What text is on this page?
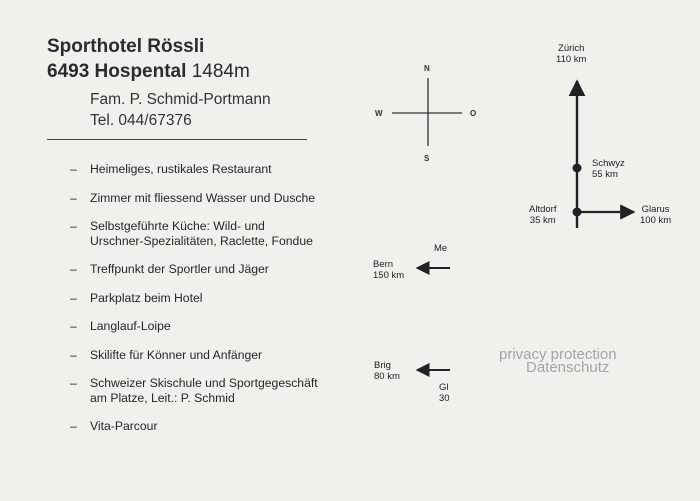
Sporthotel Rössli
6493 Hospental 1484m
Fam. P. Schmid-Portmann
Tel. 044/67376
–	Heimeliges, rustikales Restaurant
–	Zimmer mit fliessend Wasser und Dusche
–	Selbstgeführte Küche: Wild- und Urschner-Spezialitäten, Raclette, Fondue
–	Treffpunkt der Sportler und Jäger
–	Parkplatz beim Hotel
–	Langlauf-Loipe
–	Skilifte für Könner und Anfänger
–	Schweizer Skischule und Sportgegeschäft am Platze, Leit.: P. Schmid
–	Vita-Parcour
N
S
W	O
Zürich
110 km
Schwyz
55 km
Altdorf
35 km
Glarus
100 km
Bern
150 km
Brig
80 km
Me
Gl
30
privacy protection
Datenschutz
